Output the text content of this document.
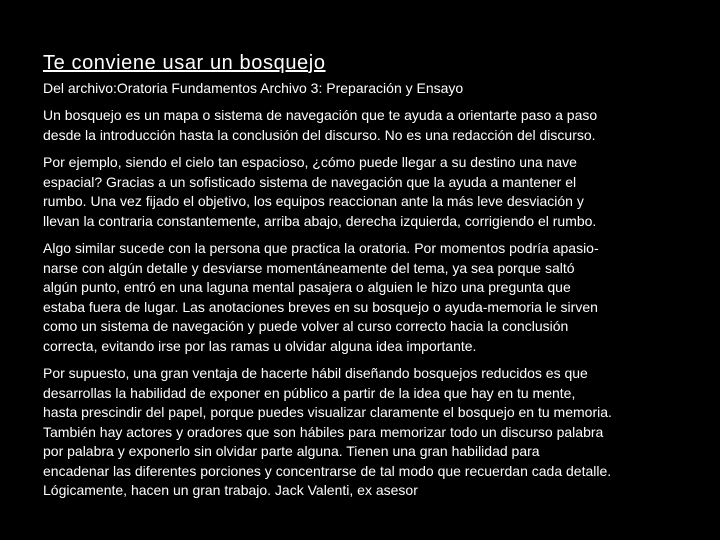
Te conviene usar un bosquejo

Del archivo:Oratoria Fundamentos Archivo 3: Preparación y Ensayo

Un bosquejo es un mapa o sistema de navegación que te ayuda a orientarte paso a paso
desde la introducción hasta la conclusión del discurso. No es una redacción del discurso.

Por ejemplo, siendo el cielo tan espacioso, ¿cómo puede llegar a su destino una nave
espacial? Gracias a un sofisticado sistema de navegación que la ayuda a mantener el
rumbo. Una vez fijado el objetivo, los equipos reaccionan ante la más leve desviación y
llevan la contraria constantemente, arriba abajo, derecha izquierda, corrigiendo el rumbo.

Algo similar sucede con la persona que practica la oratoria. Por momentos podría apasio-
narse con algún detalle y desviarse momentáneamente del tema, ya sea porque saltó
algún punto, entró en una laguna mental pasajera o alguien le hizo una pregunta que
estaba fuera de lugar. Las anotaciones breves en su bosquejo o ayuda-memoria le sirven
como un sistema de navegación y puede volver al curso correcto hacia la conclusión
correcta, evitando irse por las ramas u olvidar alguna idea importante.

Por supuesto, una gran ventaja de hacerte hábil diseñando bosquejos reducidos es que
desarrollas la habilidad de exponer en público a partir de la idea que hay en tu mente,
hasta prescindir del papel, porque puedes visualizar claramente el bosquejo en tu memoria.
También hay actores y oradores que son hábiles para memorizar todo un discurso palabra
por palabra y exponerlo sin olvidar parte alguna. Tienen una gran habilidad para
encadenar las diferentes porciones y concentrarse de tal modo que recuerdan cada detalle.
Lógicamente, hacen un gran trabajo. Jack Valenti, ex asesor
